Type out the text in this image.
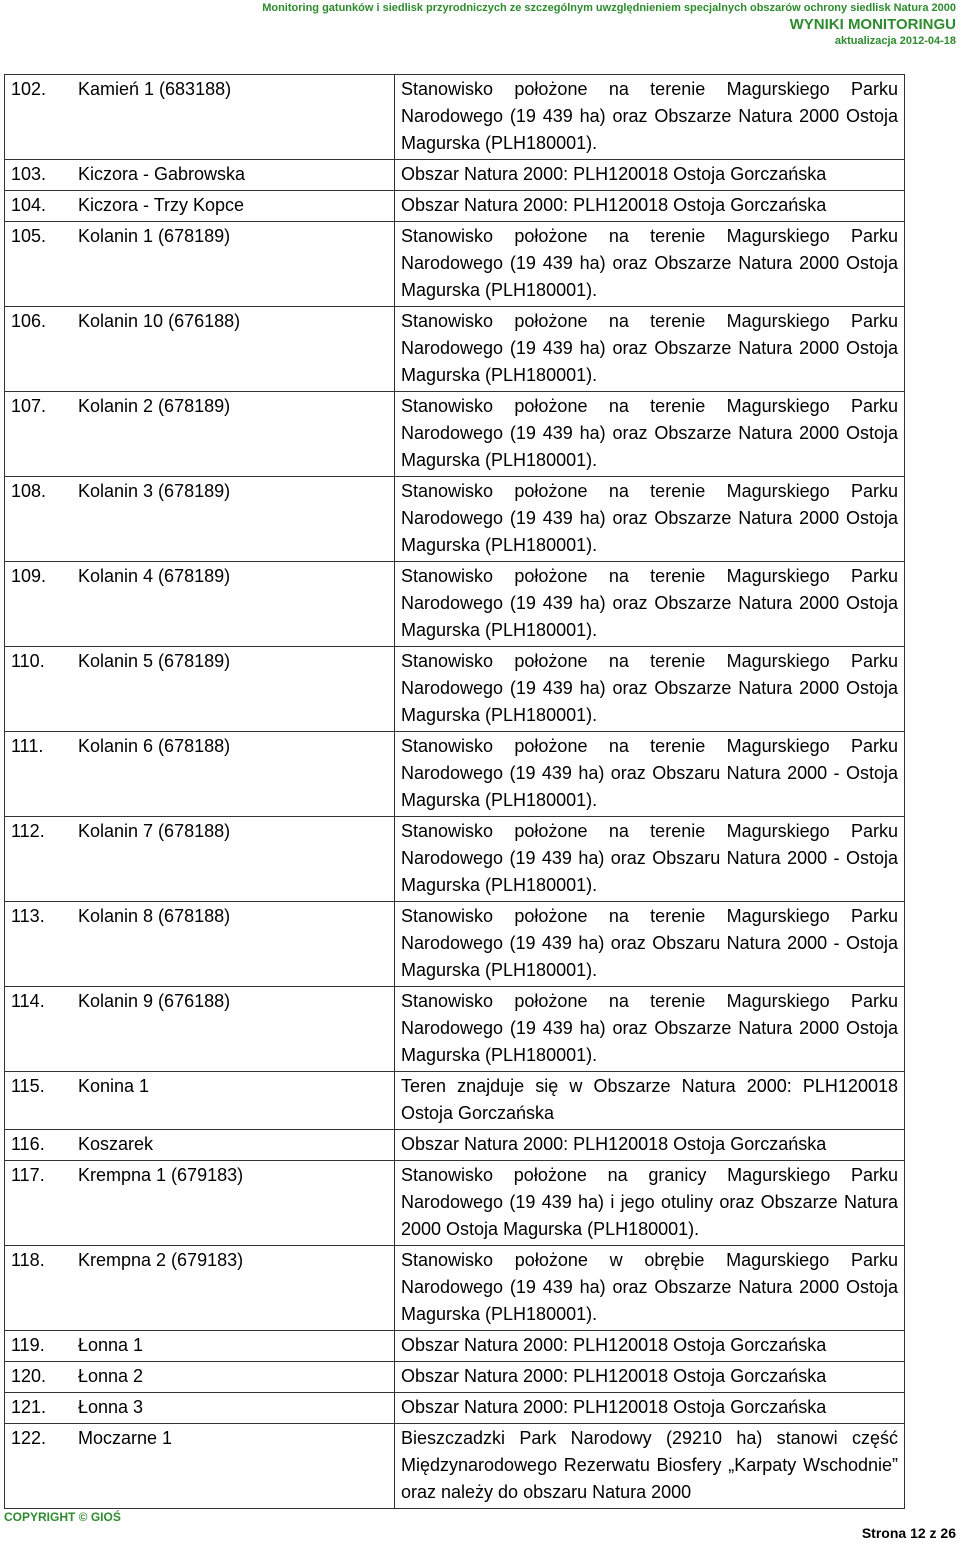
Monitoring gatunków i siedlisk przyrodniczych ze szczególnym uwzględnieniem specjalnych obszarów ochrony siedlisk Natura 2000
WYNIKI MONITORINGU
aktualizacja 2012-04-18
102.	Kamień 1 (683188)	Stanowisko położone na terenie Magurskiego Parku Narodowego (19 439 ha) oraz Obszarze Natura 2000 Ostoja Magurska (PLH180001).
103.	Kiczora - Gabrowska	Obszar Natura 2000: PLH120018 Ostoja Gorczańska
104.	Kiczora - Trzy Kopce	Obszar Natura 2000: PLH120018 Ostoja Gorczańska
105.	Kolanin 1 (678189)	Stanowisko położone na terenie Magurskiego Parku Narodowego (19 439 ha) oraz Obszarze Natura 2000 Ostoja Magurska (PLH180001).
106.	Kolanin 10 (676188)	Stanowisko położone na terenie Magurskiego Parku Narodowego (19 439 ha) oraz Obszarze Natura 2000 Ostoja Magurska (PLH180001).
107.	Kolanin 2 (678189)	Stanowisko położone na terenie Magurskiego Parku Narodowego (19 439 ha) oraz Obszarze Natura 2000 Ostoja Magurska (PLH180001).
108.	Kolanin 3 (678189)	Stanowisko położone na terenie Magurskiego Parku Narodowego (19 439 ha) oraz Obszarze Natura 2000 Ostoja Magurska (PLH180001).
109.	Kolanin 4 (678189)	Stanowisko położone na terenie Magurskiego Parku Narodowego (19 439 ha) oraz Obszarze Natura 2000 Ostoja Magurska (PLH180001).
110.	Kolanin 5 (678189)	Stanowisko położone na terenie Magurskiego Parku Narodowego (19 439 ha) oraz Obszarze Natura 2000 Ostoja Magurska (PLH180001).
111.	Kolanin 6 (678188)	Stanowisko położone na terenie Magurskiego Parku Narodowego (19 439 ha) oraz Obszaru Natura 2000 - Ostoja Magurska (PLH180001).
112.	Kolanin 7 (678188)	Stanowisko położone na terenie Magurskiego Parku Narodowego (19 439 ha) oraz Obszaru Natura 2000 - Ostoja Magurska (PLH180001).
113.	Kolanin 8 (678188)	Stanowisko położone na terenie Magurskiego Parku Narodowego (19 439 ha) oraz Obszaru Natura 2000 - Ostoja Magurska (PLH180001).
114.	Kolanin 9 (676188)	Stanowisko położone na terenie Magurskiego Parku Narodowego (19 439 ha) oraz Obszarze Natura 2000 Ostoja Magurska (PLH180001).
115.	Konina 1	Teren znajduje się w Obszarze Natura 2000: PLH120018 Ostoja Gorczańska
116.	Koszarek	Obszar Natura 2000: PLH120018 Ostoja Gorczańska
117.	Krempna 1 (679183)	Stanowisko położone na granicy Magurskiego Parku Narodowego (19 439 ha) i jego otuliny oraz Obszarze Natura 2000 Ostoja Magurska (PLH180001).
118.	Krempna 2 (679183)	Stanowisko położone w obrębie Magurskiego Parku Narodowego (19 439 ha) oraz Obszarze Natura 2000 Ostoja Magurska (PLH180001).
119.	Łonna 1	Obszar Natura 2000: PLH120018 Ostoja Gorczańska
120.	Łonna 2	Obszar Natura 2000: PLH120018 Ostoja Gorczańska
121.	Łonna 3	Obszar Natura 2000: PLH120018 Ostoja Gorczańska
122.	Moczarne 1	Bieszczadzki Park Narodowy (29210 ha) stanowi część Międzynarodowego Rezerwatu Biosfery „Karpaty Wschodnie” oraz należy do obszaru Natura 2000
COPYRIGHT © GIOŚ
Strona 12 z 26
